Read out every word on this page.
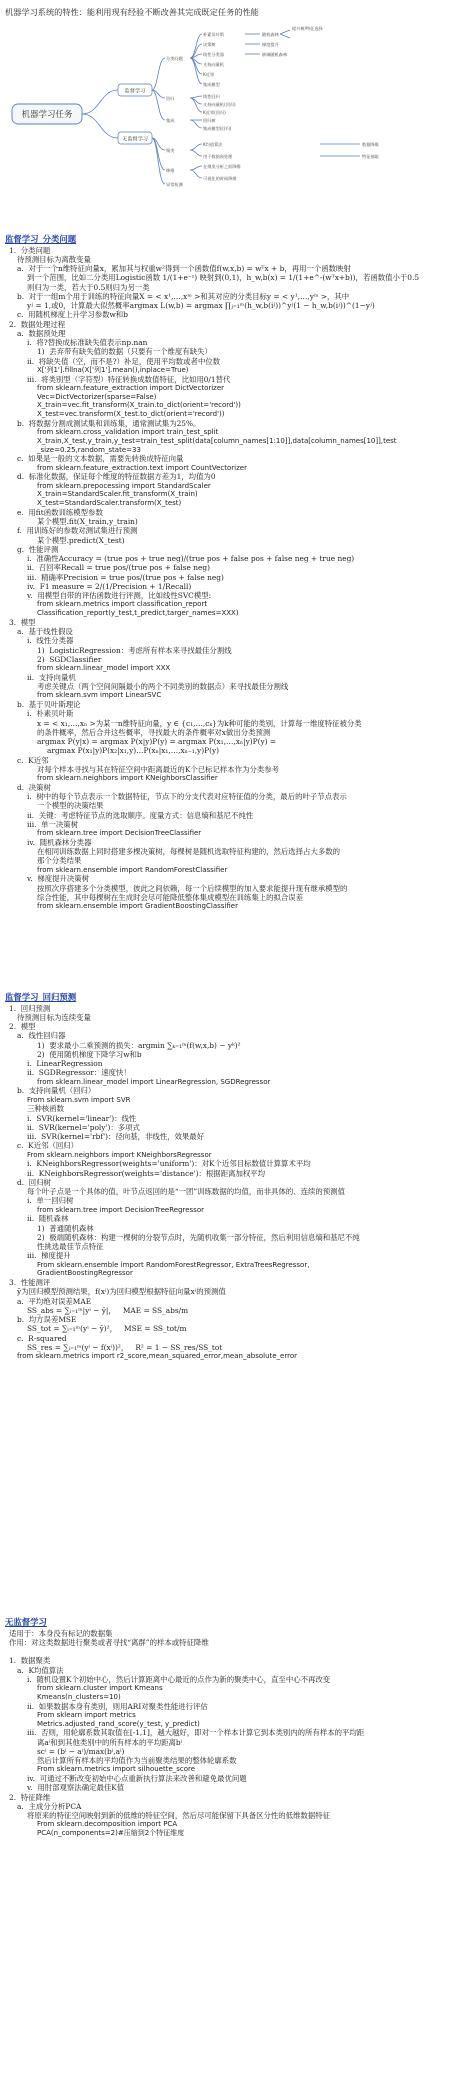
机器学习系统的特性：能利用现有经验不断改善其完成既定任务的性能
机器学习任务
监督学习
无监督学习
分类问题
回归
集成
聚类
降维
异常检测
朴素贝叶斯
决策树
线性分类器
支持向量机
K近邻
集成模型
线性回归
支持向量机(回归)
K近邻(回归)
回归树
集成模型(回归)
K均值算法
用于数据预处理
在聚类分析之前降维
可视化的时候降维
随机森林
梯度提升
极端随机森林
提升树/特征选择
数据降维
特征抽取
监督学习_分类问题
1.  分类问题
待预测目标为离散变量
a.  对于一个n维特征向量x，累加其与权重w²得到一个函数值f(w,x,b) = wᵀx + b，再用一个函数映射
到一个范围，比如二分类用Logistic函数 1/(1+e⁻ᶻ) 映射到(0,1)，h_w,b(x) = 1/(1+e^-(wᵀx+b))，若函数值小于0.5
则归为一类，若大于0.5则归为另一类
b.  对于一组m个用于训练的特征向量X = < x¹,…,xᵐ >和其对应的分类目标y = < y¹,…,yᵐ >，其中
yʲ = 1,或0，计算最大似然概率argmax L(w,b) = argmax ∏ⱼ₌₁ᵐ(h_w,b(iʲ))^yʲ(1 − h_w,b(iʲ))^(1−yʲ)
c.  用随机梯度上升学习参数w和b
2.  数据处理过程
a.  数据预处理
i.  将?替换成标准缺失值表示np.nan
1)  丢弃带有缺失值的数据（只要有一个维度有缺失）
ii.  将缺失值（空，而不是?）补足，使用平均数或者中位数
X['列1'].fillna(X['列1'].mean(),inplace=True)
iii.  将类别型（字符型）特征转换成数值特征，比如用0/1替代
from sklearn.feature_extraction import DictVectorizer
Vec=DictVectorizer(sparse=False)
X_train=vec.fit_transform(X_train.to_dict(orient='record'))
X_test=vec.transform(X_test.to_dict(orient='record'))
b.  将数据分割成测试集和训练集，通常测试集为25%。
from sklearn.cross_validation import train_test_split
X_train,X_test,y_train,y_test=train_test_split(data[column_names[1:10]],data[column_names[10]],test
_size=0.25,random_state=33
c.  如果是一般的文本数据，需要先转换成特征向量
from sklearn.feature_extraction.text import CountVectorizer
d.  标准化数据，保证每个维度的特征数据方差为1，均值为0
from sklearn.prepocessing import StandardScaler
X_train=StandardScaler.fit_transform(X_train)
X_test=StandardScaler.transform(X_test)
e.  用fit函数训练模型参数
某个模型.fit(X_train,y_train)
f.  用训练好的参数对测试集进行预测
某个模型.predict(X_test)
g.  性能评测
i.  准确性Accuracy = (true pos + true neg)/(true pos + false pos + false neg + true neg)
ii.  召回率Recall = true pos/(true pos + false neg)
iii.  精确率Precision = true pos/(true pos + false neg)
iv.  F1 measure = 2/(1/Precision + 1/Recall)
v.  用模型自带的评估函数进行评测，比如线性SVC模型:
from sklearn.metrics import classification_report
Classification_report(y_test,t_predict,targer_names=XXX)
3.  模型
a.  基于线性假设
i.  线性分类器
1)  LogisticRegression：考虑所有样本来寻找最佳分割线
2)  SGDClassifier
from sklearn.linear_model import XXX
ii.  支持向量机
考虑关键点（两个空间间隔最小的两个不同类别的数据点）来寻找最佳分割线
from sklearn.svm import LinearSVC
b.  基于贝叶斯理论
i.  朴素贝叶斯
x = < x₁,…,xₙ >为某一n维特征向量，y ∈ {c₁,…,cₖ}为k种可能的类别，计算每一维度特征被分类
的条件概率，然后合并这些概率，寻找最大的条件概率对x做出分类预测
argmax P(y|x) = argmax P(x|y)P(y) = argmax P(x₁,…,xₙ|y)P(y) =
argmax P(x₁|y)P(x₂|x₁,y)…P(xₙ|x₁,…,xₙ₋₁,y)P(y)
c.  K近邻
对每个样本寻找与其在特征空间中距离最近的K个已标记样本作为分类参考
from sklearn.neighbors import KNeighborsClassifier
d.  决策树
i.  树中的每个节点表示一个数据特征，节点下的分支代表对应特征值的分类，最后的叶子节点表示
一个模型的决策结果
ii.  关键：考虑特征节点的选取顺序。度量方式：信息熵和基尼不纯性
iii.  单一决策树
from sklearn.tree import DecisionTreeClassifier
iv.  随机森林分类器
在相同训练数据上同时搭建多棵决策树，每棵树是随机选取特征构建的，然后选择占大多数的
那个分类结果
from sklearn.ensemble import RandomForestClassifier
v.  梯度提升决策树
按照次序搭建多个分类模型，彼此之间依赖，每一个后续模型的加入要求能提升现有继承模型的
综合性能，其中每棵树在生成时会尽可能降低整体集成模型在训练集上的拟合误差
from sklearn.ensemble import GradientBoostingClassifier
监督学习_回归预测
1.  回归预测
待预测目标为连续变量
2.  模型
a.  线性回归器
1)  要求最小二乘预测的损失：argmin ∑ₖ₌₁ᵐ(f(w,x,b) − yᵏ)²
2)  使用随机梯度下降学习w和b
i.  LinearRegression
ii.  SGDRegressor：速度快！
from sklearn.linear_model import LinearRegression, SGDRegressor
b.  支持向量机（回归）
From sklearn.svm import SVR
三种核函数
i.  SVR(kernel='linear')：线性
ii.  SVR(kernel='poly')：多项式
iii.  SVR(kernel='rbf')：径向基，非线性，效果最好
c.  K近邻（回归）
From sklearn.neighbors import KNeighborsRegressor
i.  KNeighborsRegressor(weights='uniform')：对K个近邻目标数值计算算术平均
ii.  KNeighborsRegressor(weights='distance')：根据距离加权平均
d.  回归树
每个叶子点是一个具体的值，叶节点返回的是“一团”训练数据的均值，而非具体的、连续的预测值
i.  单一回归树
from sklearn.tree import DecisionTreeRegressor
ii.  随机森林
1)  普通随机森林
2)  极端随机森林：构建一棵树的分裂节点时，先随机收集一部分特征，然后利用信息熵和基尼不纯
性挑选最佳节点特征
iii.  梯度提升
From sklearn.ensemble import RandomForestRegressor, ExtraTreesRegressor,
GradientBoostingRegressor
3.  性能测评
ȳ为回归模型预测结果，f(xⁱ)为回归模型根据特征向量xⁱ的预测值
a.  平均绝对误差MAE
SS_abs = ∑ᵢ₌₁ᵐ|yⁱ − ȳ|，   MAE = SS_abs/m
b.  均方误差MSE
SS_tot = ∑ᵢ₌₁ᵐ(yⁱ − ȳ)²，   MSE = SS_tot/m
c.  R-squared
SS_res = ∑ᵢ₌₁ᵐ(yⁱ − f(xⁱ))²，   R² = 1 − SS_res/SS_tot
from sklearn.metrics import r2_score,mean_squared_error,mean_absolute_error
无监督学习
适用于：本身没有标记的数据集
作用：对这类数据进行聚类或者寻找“离群”的样本或特征降维

1.  数据聚类
a.  K均值算法
i.  随机设置K个初始中心，然后计算距离中心最近的点作为新的聚类中心，直至中心不再改变
from sklearn.cluster import Kmeans
Kmeans(n_clusters=10)
ii.  如果数据本身有类别，则用ARI对聚类性能进行评估
From sklearn import metrics
Metrics.adjusted_rand_score(y_test, y_predict)
iii.  否则，用轮廓系数其取值在[-1,1]，越大越好，即对一个样本计算它到本类别内的所有样本的平均距
离aⁱ和到其他类别中的所有样本的平均距离bⁱ
scⁱ = (bⁱ − aⁱ)/max(bⁱ,aⁱ)
然后计算所有样本的平均值作为当前聚类结果的整体轮廓系数
From sklearn.metrics import silhouette_score
iv.  可通过不断改变初始中心点重新执行算法来改善和避免最优问题
v.  用肘部观察法确定最佳K值
2.  特征降维
a.  主成分分析PCA
将原来的特征空间映射到新的低维的特征空间，然后尽可能保留下具备区分性的低维数据特征
From sklearn.decomposition import PCA
PCA(n_components=2)#压缩到2个特征维度
